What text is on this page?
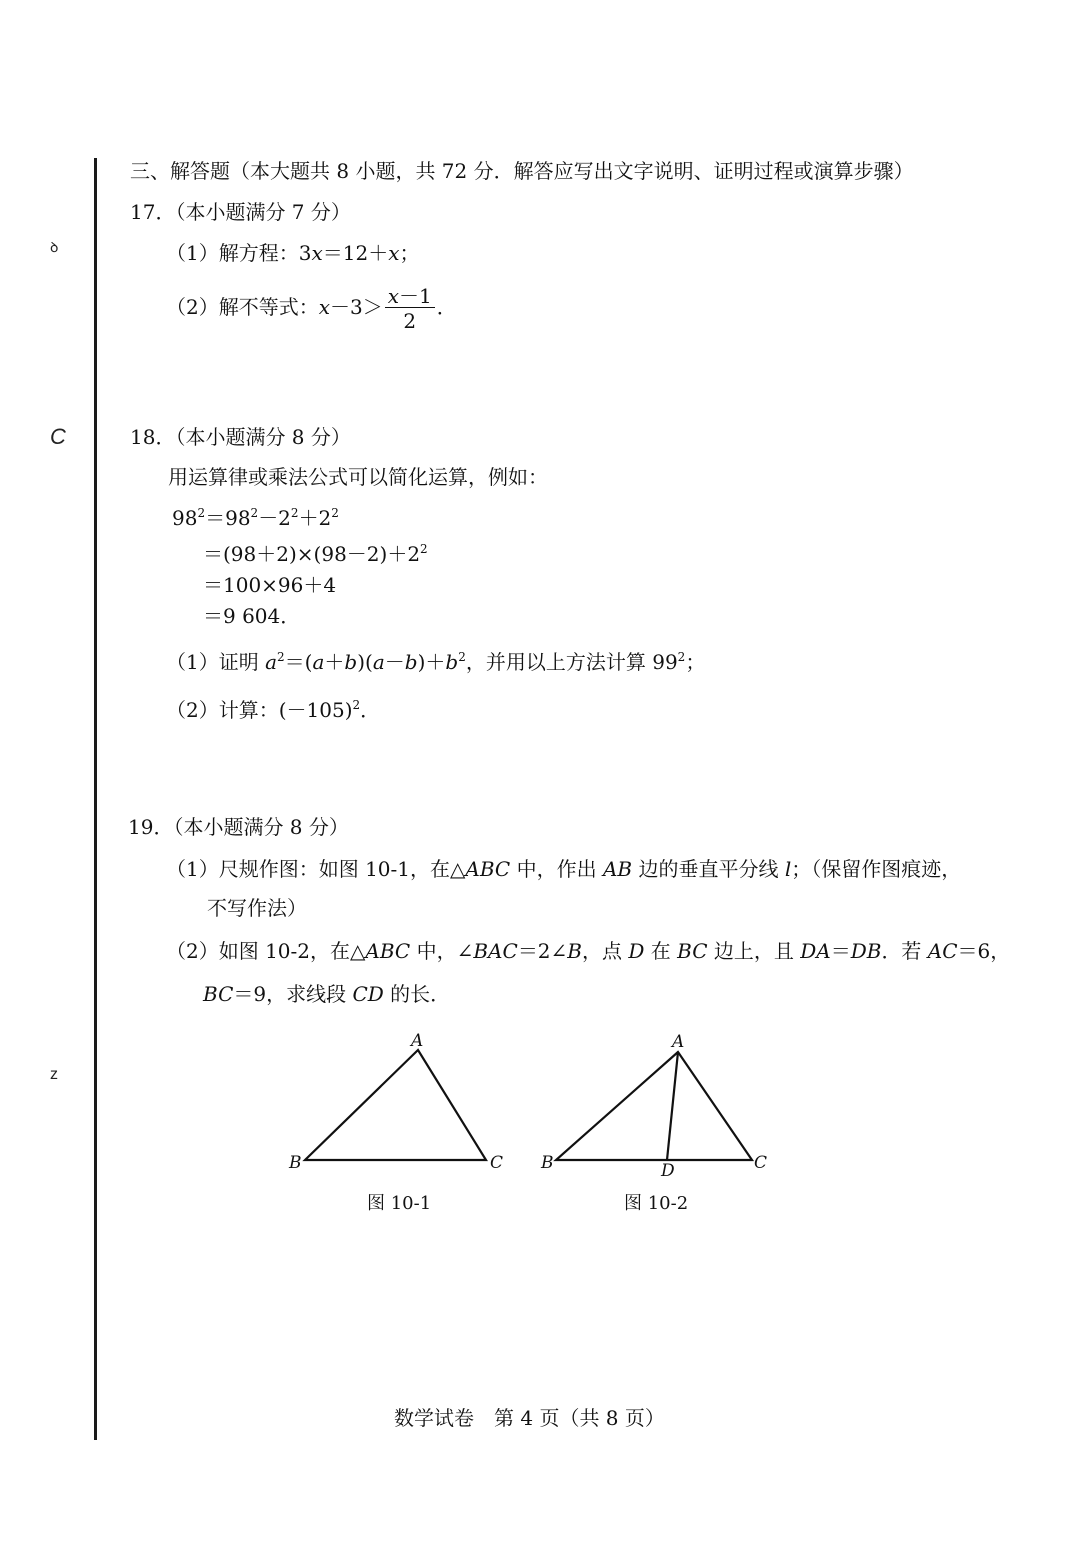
ꝺ
C
z
三、解答题（本大题共 8 小题，共 72 分．解答应写出文字说明、证明过程或演算步骤）
17．（本小题满分 7 分）
（1）解方程：3x＝12＋x；
（2）解不等式：$x-3> \frac{x-1}{2}$ ．
18．（本小题满分 8 分）
用运算律或乘法公式可以简化运算，例如：
$98^2=98^2-2^2+2^2$
$=(98+2)\times(98-2)+2^2$
＝100×96＋4
＝9 604．
（1）证明 $a^2=(a+b)(a-b)+b^2$，并用以上方法计算 $99^2$；
（2）计算：$(-105)^2$．
19．（本小题满分 8 分）
（1）尺规作图：如图 10-1，在△ABC 中，作出 AB 边的垂直平分线 l；（保留作图痕迹，
不写作法）
（2）如图 10-2，在△ABC 中，∠BAC＝2∠B，点 D 在 BC 边上，且 DA＝DB．若 AC＝6，
BC＝9，求线段 CD 的长．
A
B	C
A
B	C
D
图 10-1	图 10-2
数学试卷　第 4 页（共 8 页）
